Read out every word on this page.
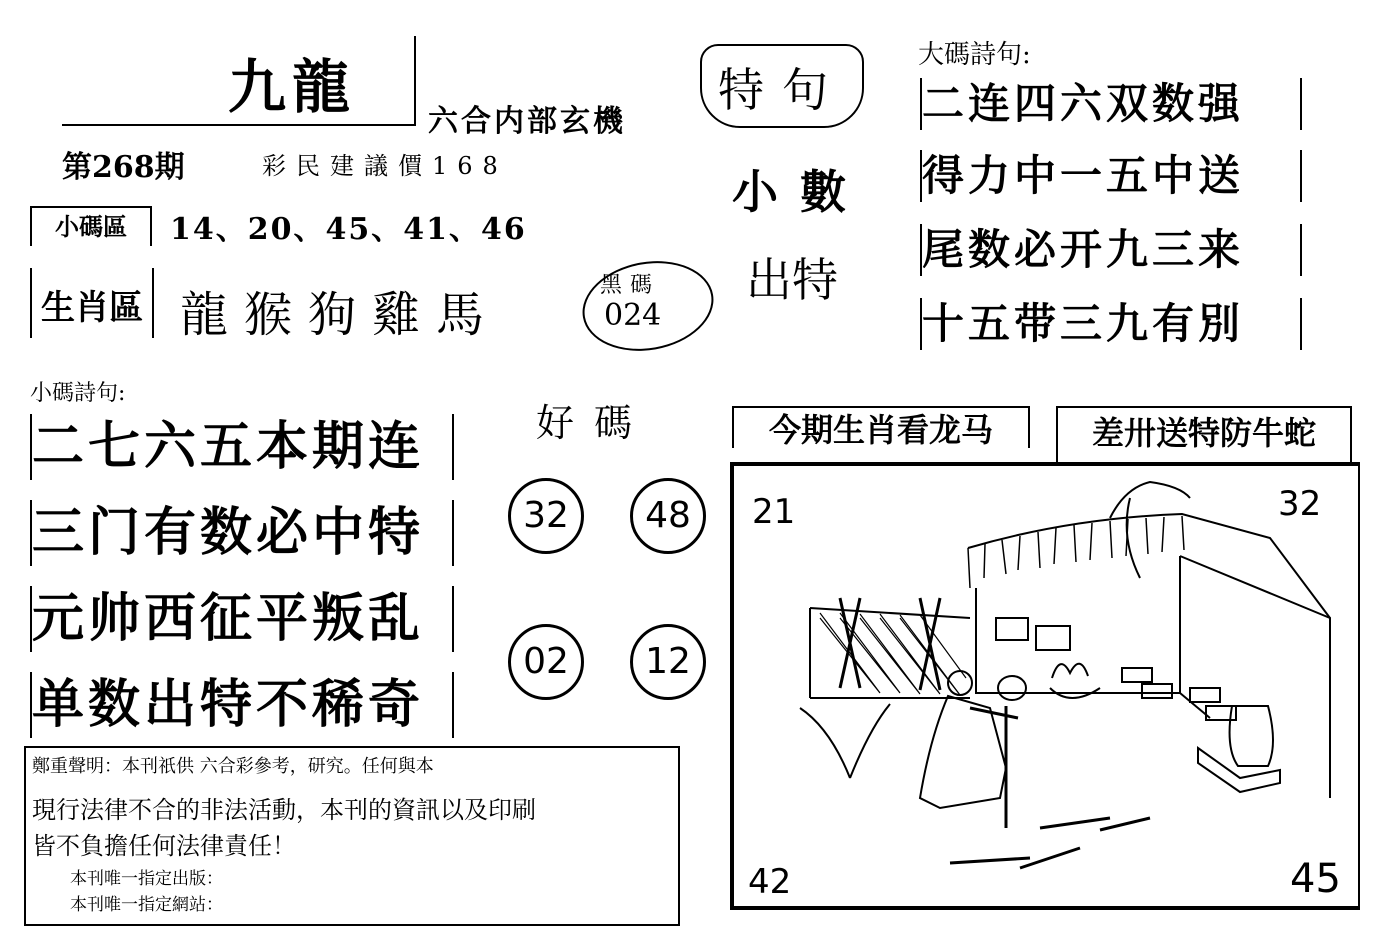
九龍
六合内部玄機
第268期	彩民建議價168
小碼區	14、20、45、41、46
生肖區 龍猴狗雞馬
黑碼
024
特句
小數
出特
大碼詩句:
二连四六双数强
得力中一五中送
尾数必开九三来
十五带三九有別
小碼詩句:
二七六五本期连
三门有数必中特
元帅西征平叛乱
单数出特不稀奇
好碼
32	48
02	12
鄭重聲明：本刊祇供 六合彩參考，研究。任何與本
現行法律不合的非法活動，本刊的資訊以及印刷
皆不負擔任何法律責任！
本刊唯一指定出版：
本刊唯一指定網站：
今期生肖看龙马	差卅送特防牛蛇
21	32
42	45
